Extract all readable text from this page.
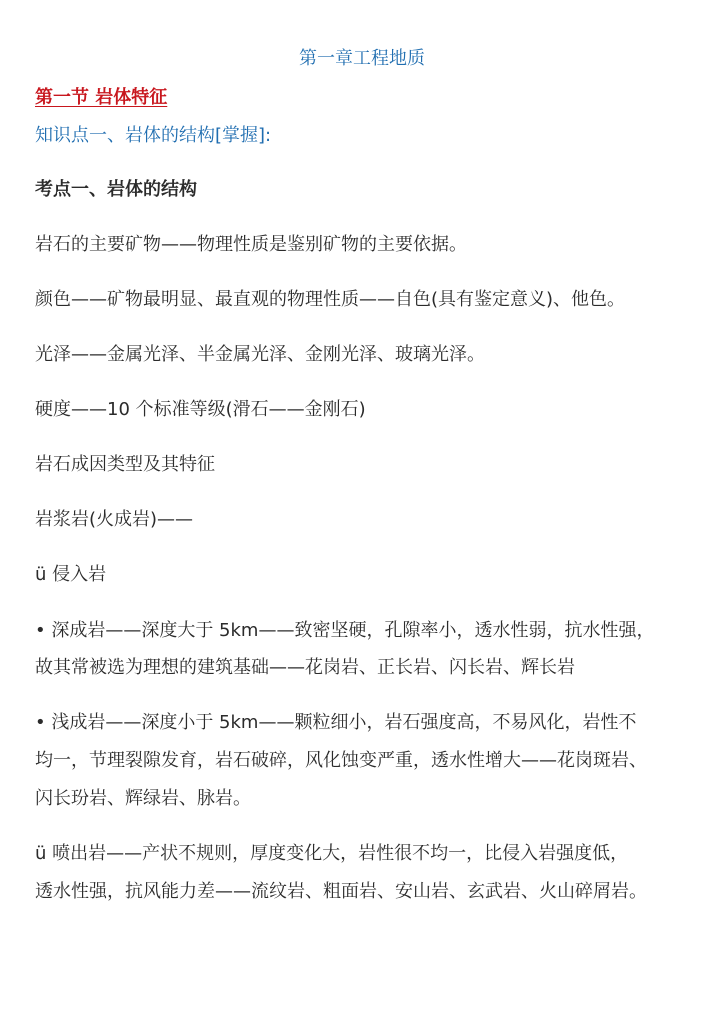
第一章工程地质

第一节 岩体特征

知识点一、岩体的结构[掌握]:

考点一、岩体的结构

岩石的主要矿物——物理性质是鉴别矿物的主要依据。

颜色——矿物最明显、最直观的物理性质——自色(具有鉴定意义)、他色。

光泽——金属光泽、半金属光泽、金刚光泽、玻璃光泽。

硬度——10 个标准等级(滑石——金刚石)

岩石成因类型及其特征

岩浆岩(火成岩)——

ü 侵入岩

• 深成岩——深度大于 5km——致密坚硬，孔隙率小，透水性弱，抗水性强，

故其常被选为理想的建筑基础——花岗岩、正长岩、闪长岩、辉长岩

• 浅成岩——深度小于 5km——颗粒细小，岩石强度高，不易风化，岩性不

均一，节理裂隙发育，岩石破碎，风化蚀变严重，透水性增大——花岗斑岩、

闪长玢岩、辉绿岩、脉岩。

ü 喷出岩——产状不规则，厚度变化大，岩性很不均一，比侵入岩强度低，

透水性强，抗风能力差——流纹岩、粗面岩、安山岩、玄武岩、火山碎屑岩。
